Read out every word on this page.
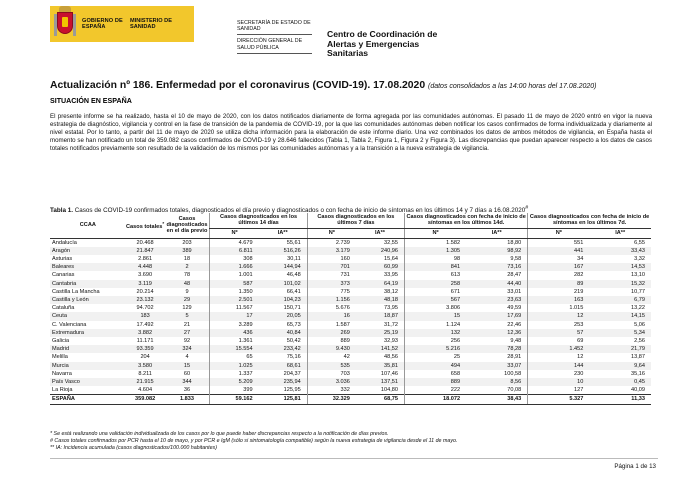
GOBIERNO DE ESPAÑA
MINISTERIO DE SANIDAD
SECRETARÍA DE ESTADO DE SANIDAD
DIRECCIÓN GENERAL DE SALUD PÚBLICA
Centro de Coordinación de
Alertas y Emergencias
Sanitarias
Actualización nº 186. Enfermedad por el coronavirus (COVID-19). 17.08.2020 (datos consolidados a las 14:00 horas del 17.08.2020)
SITUACIÓN EN ESPAÑA
El presente informe se ha realizado, hasta el 10 de mayo de 2020, con los datos notificados diariamente de forma agregada por las comunidades autónomas. El pasado 11 de mayo de 2020 entró en vigor la nueva estrategia de diagnóstico, vigilancia y control en la fase de transición de la pandemia de COVID-19, por la que las comunidades autónomas deben notificar los casos confirmados de forma individualizada y diariamente al nivel estatal. Por lo tanto, a partir del 11 de mayo de 2020 se utiliza dicha información para la elaboración de este informe diario. Una vez combinados los datos de ambos métodos de vigilancia, en España hasta el momento se han notificado un total de 359.082 casos confirmados de COVID-19 y 28.646 fallecidos (Tabla 1, Tabla 2, Figura 1, Figura 2 y Figura 3). Las discrepancias que puedan aparecer respecto a los datos de casos totales notificados previamente son resultado de la validación de los mismos por las comunidades autónomas y a la transición a la nueva estrategia de vigilancia.
Tabla 1. Casos de COVID-19 confirmados totales, diagnosticados el día previo y diagnosticados o con fecha de inicio de síntomas en los últimos 14 y 7 días a 16.08.2020#
CCAA	Casos totales*	Casos diagnosticados en el día previo	Casos diagnosticados en los últimos 14 días		Casos diagnosticados en los últimos 7 días		Casos diagnosticados con fecha de inicio de síntomas en los últimos 14d.		Casos diagnosticados con fecha de inicio de síntomas en los últimos 7d.	
			Nº	IA**	Nº	IA**	Nº	IA**	Nº	IA**
Andalucía	20.468	203	4.679	55,61	2.739	32,55	1.582	18,80	551	6,55
Aragón	21.847	389	6.811	516,26	3.179	240,96	1.305	98,92	441	33,43
Asturias	2.861	18	308	30,11	160	15,64	98	9,58	34	3,32
Baleares	4.448	2	1.666	144,94	701	60,99	841	73,16	167	14,53
Canarias	3.690	78	1.001	46,48	731	33,95	613	28,47	282	13,10
Cantabria	3.119	48	587	101,02	373	64,19	258	44,40	89	15,32
Castilla La Mancha	20.214	9	1.350	66,41	775	38,12	671	33,01	219	10,77
Castilla y León	23.132	29	2.501	104,23	1.156	48,18	567	23,63	163	6,79
Cataluña	94.702	129	11.567	150,71	5.676	73,95	3.806	49,59	1.015	13,22
Ceuta	183	5	17	20,05	16	18,87	15	17,69	12	14,15
C. Valenciana	17.492	21	3.289	65,73	1.587	31,72	1.124	22,46	253	5,06
Extremadura	3.882	27	436	40,84	269	25,19	132	12,36	57	5,34
Galicia	11.171	92	1.361	50,42	889	32,93	256	9,48	69	2,56
Madrid	93.359	324	15.554	233,42	9.430	141,52	5.216	78,28	1.452	21,79
Melilla	204	4	65	75,16	42	48,56	25	28,91	12	13,87
Murcia	3.580	15	1.025	68,61	535	35,81	494	33,07	144	9,64
Navarra	8.211	60	1.337	204,37	703	107,46	658	100,58	230	35,16
País Vasco	21.915	344	5.209	235,94	3.036	137,51	889	8,56	10	0,45
La Rioja	4.604	36	399	125,95	332	104,80	222	70,08	127	40,09
ESPAÑA	359.082	1.833	59.162	125,81	32.329	68,75	18.072	38,43	5.327	11,33
* Se está realizando una validación individualizada de los casos por lo que puede haber discrepancias respecto a la notificación de días previos.
# Casos totales confirmados por PCR hasta el 10 de mayo, y por PCR e IgM (sólo si sintomatología compatible) según la nueva estrategia de vigilancia desde el 11 de mayo.
** IA: Incidencia acumulada (casos diagnosticados/100.000 habitantes)
Página 1 de 13
